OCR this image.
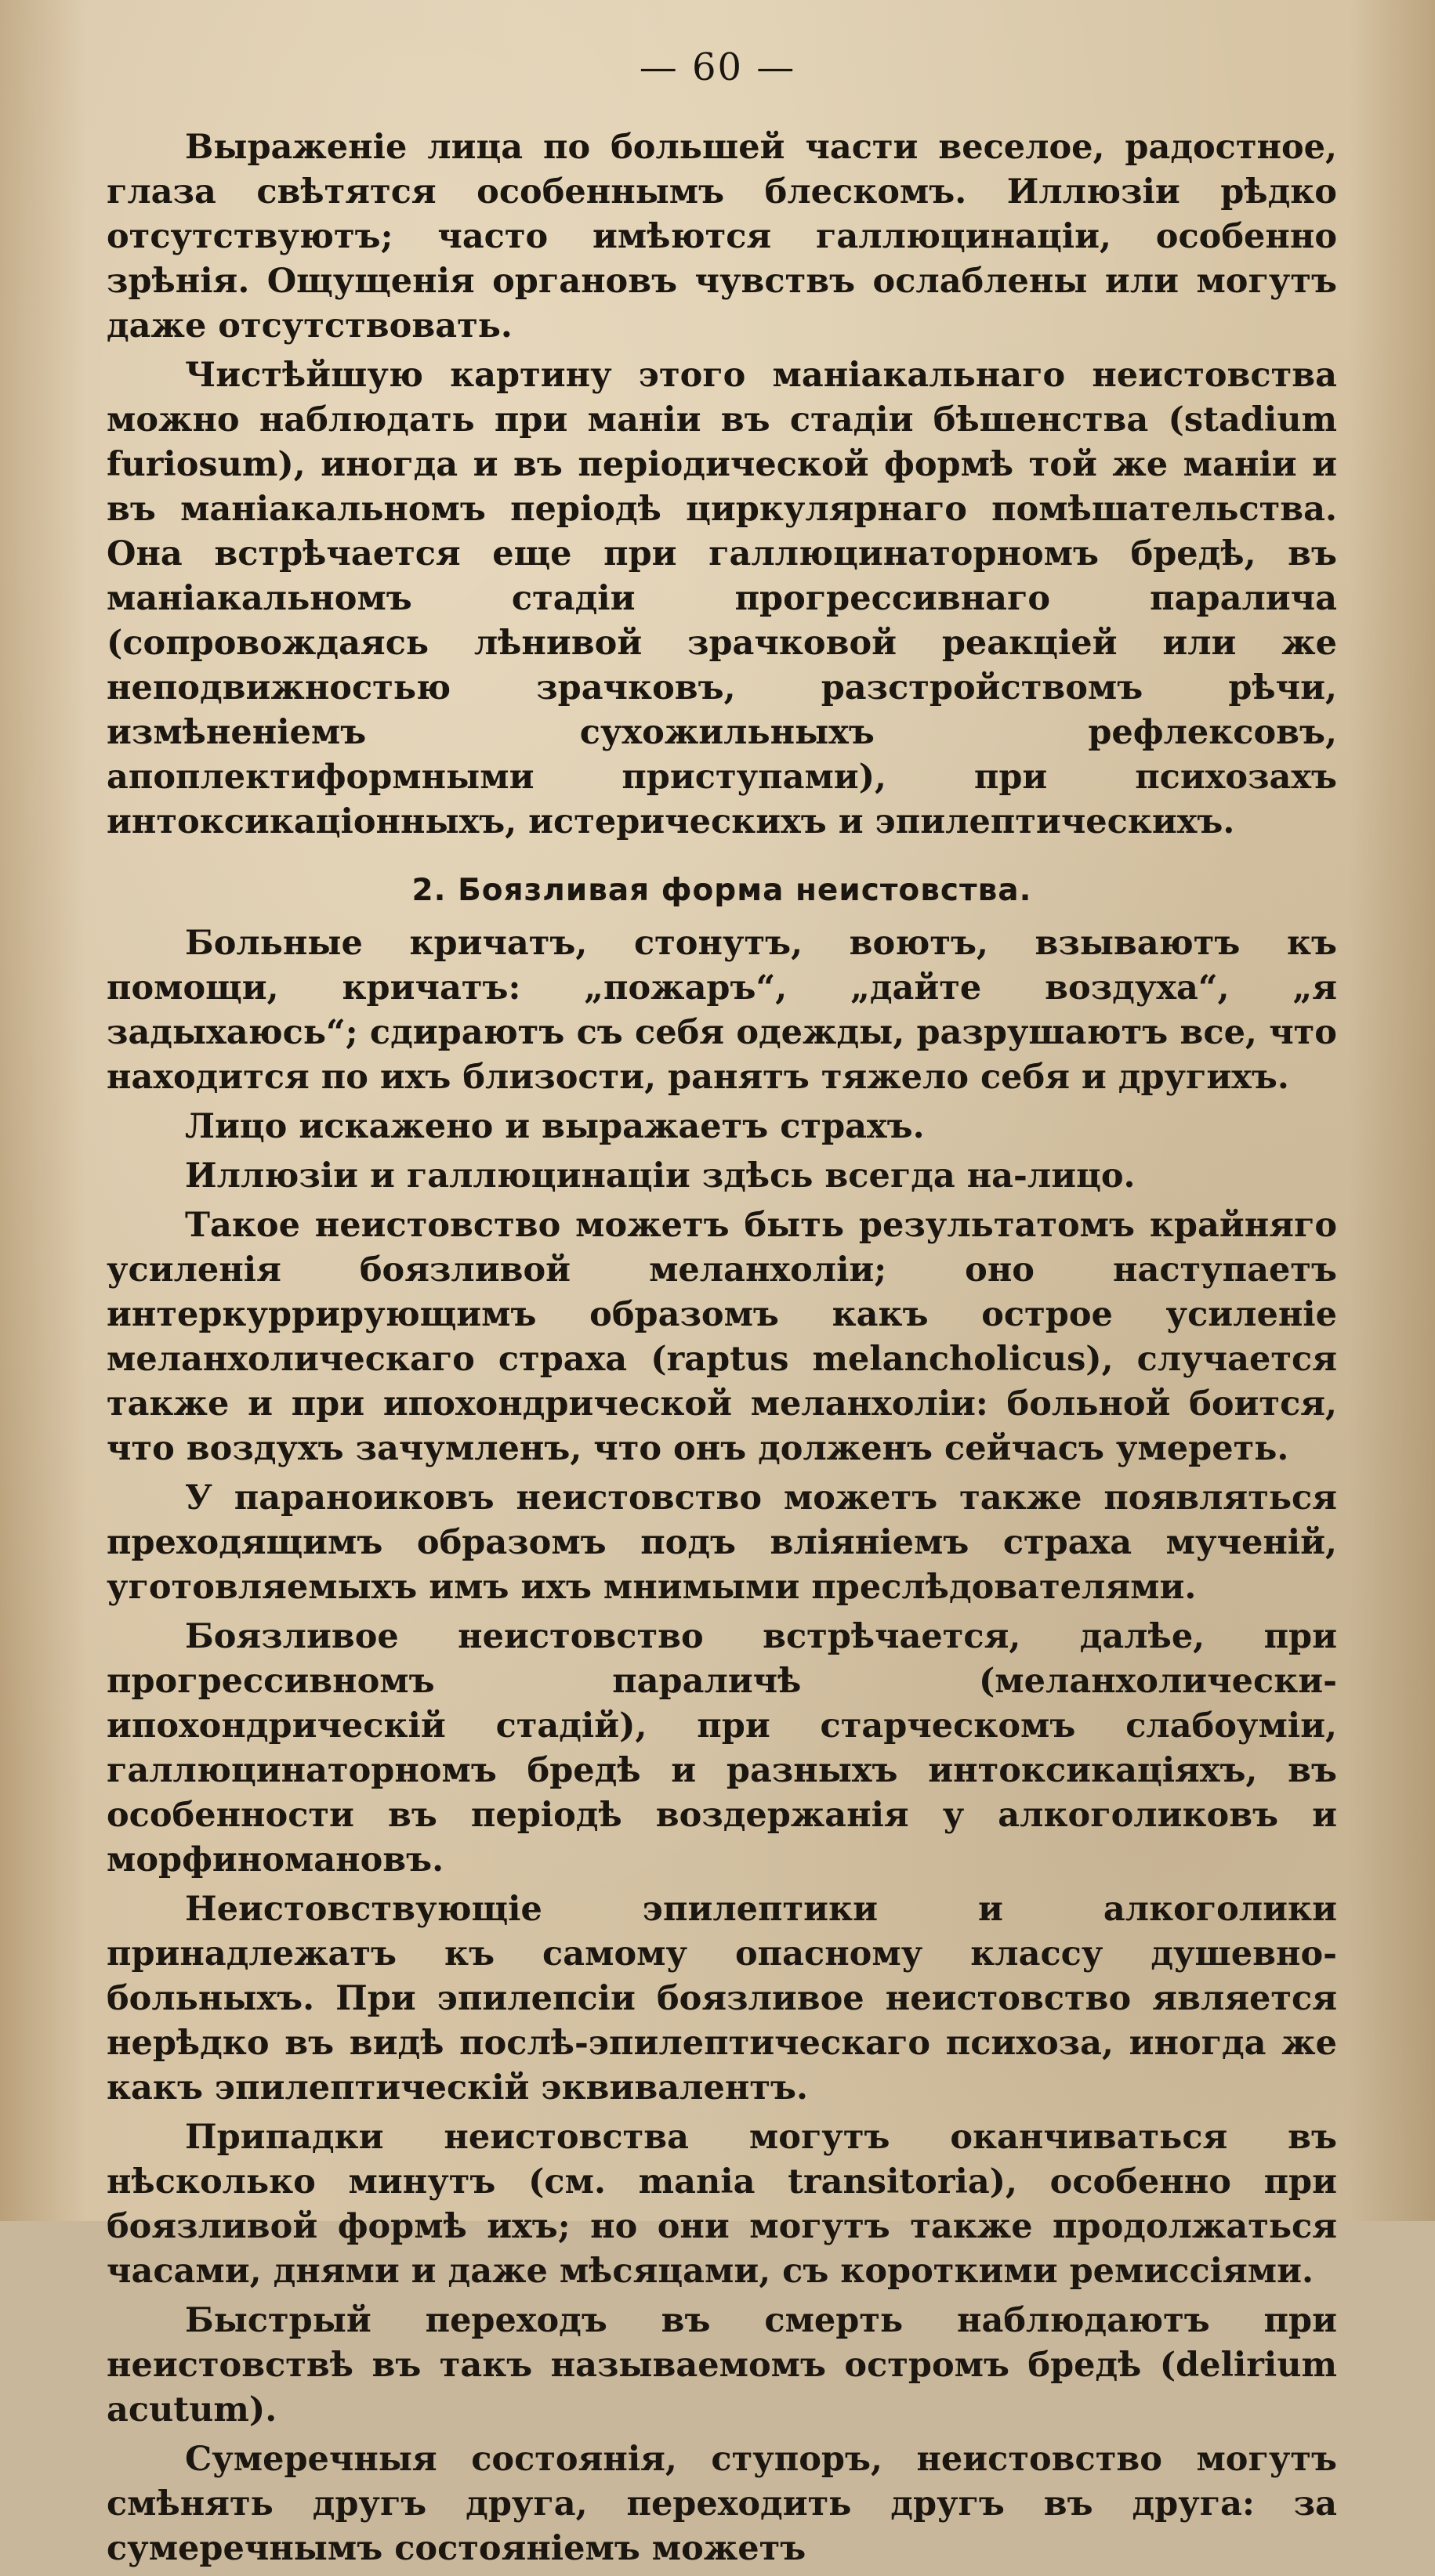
— 60 —

Выраженіе лица по большей части веселое, радостное, глаза свѣтятся особеннымъ блескомъ. Иллюзіи рѣдко отсутствуютъ; часто имѣются галлюцинаціи, особенно зрѣнія. Ощущенія органовъ чувствъ ослаблены или могутъ даже отсутствовать.

Чистѣйшую картину этого маніакальнаго неистовства можно наблюдать при маніи въ стадіи бѣшенства (stadium furiosum), иногда и въ періодической формѣ той же маніи и въ маніакальномъ періодѣ циркулярнаго помѣшательства. Она встрѣчается еще при галлюцинаторномъ бредѣ, въ маніакальномъ стадіи прогрессивнаго паралича (сопровождаясь лѣнивой зрачковой реакціей или же неподвижностью зрачковъ, разстройствомъ рѣчи, измѣненіемъ сухожильныхъ рефлексовъ, апоплектиформными приступами), при психозахъ интоксикаціонныхъ, истерическихъ и эпилептическихъ.

2. Боязливая форма неистовства.

Больные кричатъ, стонутъ, воютъ, взываютъ къ помощи, кричатъ: „пожаръ“, „дайте воздуха“, „я задыхаюсь“; сдираютъ съ себя одежды, разрушаютъ все, что находится по ихъ близости, ранятъ тяжело себя и другихъ.

Лицо искажено и выражаетъ страхъ.

Иллюзіи и галлюцинаціи здѣсь всегда на-лицо.

Такое неистовство можетъ быть результатомъ крайняго усиленія боязливой меланхоліи; оно наступаетъ интеркуррирующимъ образомъ какъ острое усиленіе меланхолическаго страха (raptus melancholicus), случается также и при ипохондрической меланхоліи: больной боится, что воздухъ зачумленъ, что онъ долженъ сейчасъ умереть.

У параноиковъ неистовство можетъ также появляться преходящимъ образомъ подъ вліяніемъ страха мученій, уготовляемыхъ имъ ихъ мнимыми преслѣдователями.

Боязливое неистовство встрѣчается, далѣе, при прогрессивномъ параличѣ (меланхолически-ипохондрическій стадій), при старческомъ слабоуміи, галлюцинаторномъ бредѣ и разныхъ интоксикаціяхъ, въ особенности въ періодѣ воздержанія у алкоголиковъ и морфиномановъ.

Неистовствующіе эпилептики и алкоголики принадлежатъ къ самому опасному классу душевно-больныхъ. При эпилепсіи боязливое неистовство является нерѣдко въ видѣ послѣ-эпилептическаго психоза, иногда же какъ эпилептическій эквивалентъ.

Припадки неистовства могутъ оканчиваться въ нѣсколько минутъ (см. mania transitoria), особенно при боязливой формѣ ихъ; но они могутъ также продолжаться часами, днями и даже мѣсяцами, съ короткими ремиссіями.

Быстрый переходъ въ смерть наблюдаютъ при неистовствѣ въ такъ называемомъ остромъ бредѣ (delirium acutum).

Сумеречныя состоянія, ступоръ, неистовство могутъ смѣнять другъ друга, переходить другъ въ друга: за сумеречнымъ состояніемъ можетъ
